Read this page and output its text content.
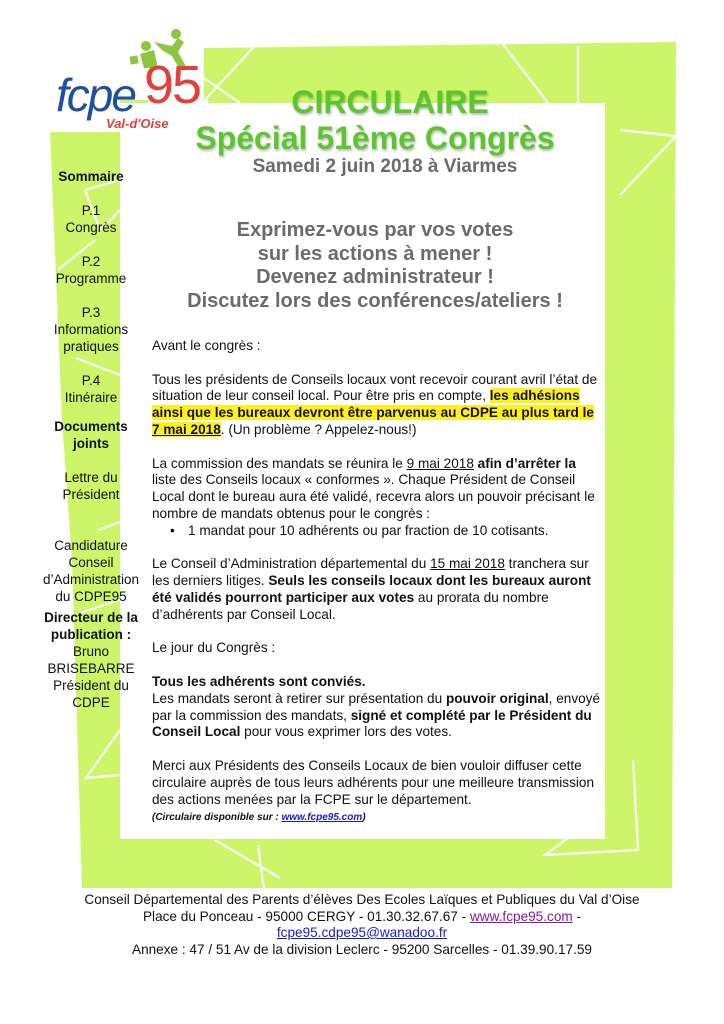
fcpe 95
Val-d'Oise
CIRCULAIRE
Spécial 51ème Congrès
Samedi 2 juin 2018 à Viarmes
Exprimez-vous par vos votes
sur les actions à mener !
Devenez administrateur !
Discutez lors des conférences/ateliers !
Sommaire
P.1
Congrès
P.2
Programme
P.3
Informations pratiques
P.4
Itinéraire
Documents joints
Lettre du Président
Candidature Conseil d’Administration du CDPE95
Directeur de la publication :
Bruno BRISEBARRE
Président du CDPE

Avant le congrès :

Tous les présidents de Conseils locaux vont recevoir courant avril l’état de situation de leur conseil local. Pour être pris en compte, les adhésions ainsi que les bureaux devront être parvenus au CDPE au plus tard le 7 mai 2018. (Un problème ? Appelez-nous!)

La commission des mandats se réunira le 9 mai 2018 afin d’arrêter la liste des Conseils locaux « conformes ». Chaque Président de Conseil Local dont le bureau aura été validé, recevra alors un pouvoir précisant le nombre de mandats obtenus pour le congrès :

• 1 mandat pour 10 adhérents ou par fraction de 10 cotisants.

Le Conseil d’Administration départemental du 15 mai 2018 tranchera sur les derniers litiges. Seuls les conseils locaux dont les bureaux auront été validés pourront participer aux votes au prorata du nombre d’adhérents par Conseil Local.

Le jour du Congrès :

Tous les adhérents sont conviés.
Les mandats seront à retirer sur présentation du pouvoir original, envoyé par la commission des mandats, signé et complété par le Président du Conseil Local pour vous exprimer lors des votes.

Merci aux Présidents des Conseils Locaux de bien vouloir diffuser cette circulaire auprès de tous leurs adhérents pour une meilleure transmission des actions menées par la FCPE sur le département.
(Circulaire disponible sur : www.fcpe95.com)

Conseil Départemental des Parents d’élèves Des Ecoles Laïques et Publiques du Val d’Oise
Place du Ponceau - 95000 CERGY - 01.30.32.67.67 - www.fcpe95.com -
fcpe95.cdpe95@wanadoo.fr
Annexe : 47 / 51 Av de la division Leclerc - 95200 Sarcelles - 01.39.90.17.59
